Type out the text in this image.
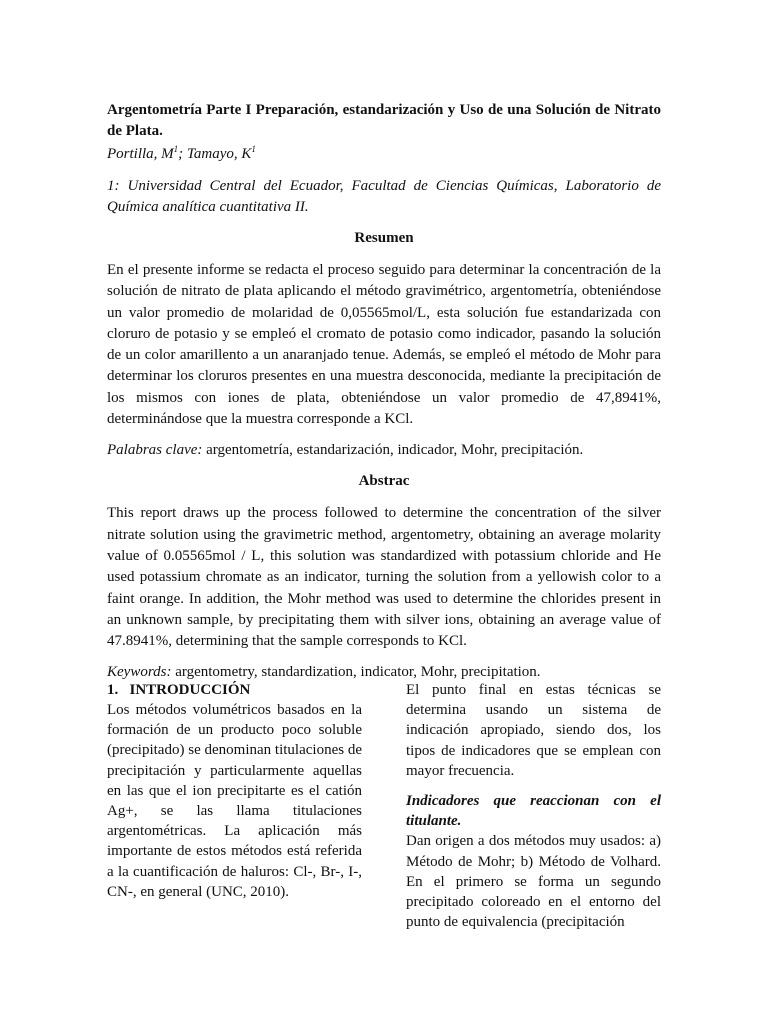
Argentometría Parte I Preparación, estandarización y Uso de una Solución de Nitrato de Plata.

Portilla, $M^1$; Tamayo, $K^1$

1: Universidad Central del Ecuador, Facultad de Ciencias Químicas, Laboratorio de Química analítica cuantitativa II.

Resumen

En el presente informe se redacta el proceso seguido para determinar la concentración de la solución de nitrato de plata aplicando el método gravimétrico, argentometría, obteniéndose un valor promedio de molaridad de 0,05565mol/L, esta solución fue estandarizada con cloruro de potasio y se empleó el cromato de potasio como indicador, pasando la solución de un color amarillento a un anaranjado tenue. Además, se empleó el método de Mohr para determinar los cloruros presentes en una muestra desconocida, mediante la precipitación de los mismos con iones de plata, obteniéndose un valor promedio de 47,8941%, determinándose que la muestra corresponde a KCl.

Palabras clave: argentometría, estandarización, indicador, Mohr, precipitación.

Abstrac

This report draws up the process followed to determine the concentration of the silver nitrate solution using the gravimetric method, argentometry, obtaining an average molarity value of 0.05565mol / L, this solution was standardized with potassium chloride and He used potassium chromate as an indicator, turning the solution from a yellowish color to a faint orange. In addition, the Mohr method was used to determine the chlorides present in an unknown sample, by precipitating them with silver ions, obtaining an average value of 47.8941%, determining that the sample corresponds to KCl.

Keywords: argentometry, standardization, indicator, Mohr, precipitation.

1.   INTRODUCCIÓN

Los métodos volumétricos basados en la formación de un producto poco soluble (precipitado) se denominan titulaciones de precipitación y particularmente aquellas en las que el ion precipitarte es el catión Ag+, se las llama titulaciones argentométricas. La aplicación más importante de estos métodos está referida a la cuantificación de haluros: Cl-, Br-, I-, CN-, en general (UNC, 2010).

El punto final en estas técnicas se determina usando un sistema de indicación apropiado, siendo dos, los tipos de indicadores que se emplean con mayor frecuencia.

Indicadores que reaccionan con el titulante.

Dan origen a dos métodos muy usados: a) Método de Mohr; b) Método de Volhard. En el primero se forma un segundo precipitado coloreado en el entorno del punto de equivalencia (precipitación
